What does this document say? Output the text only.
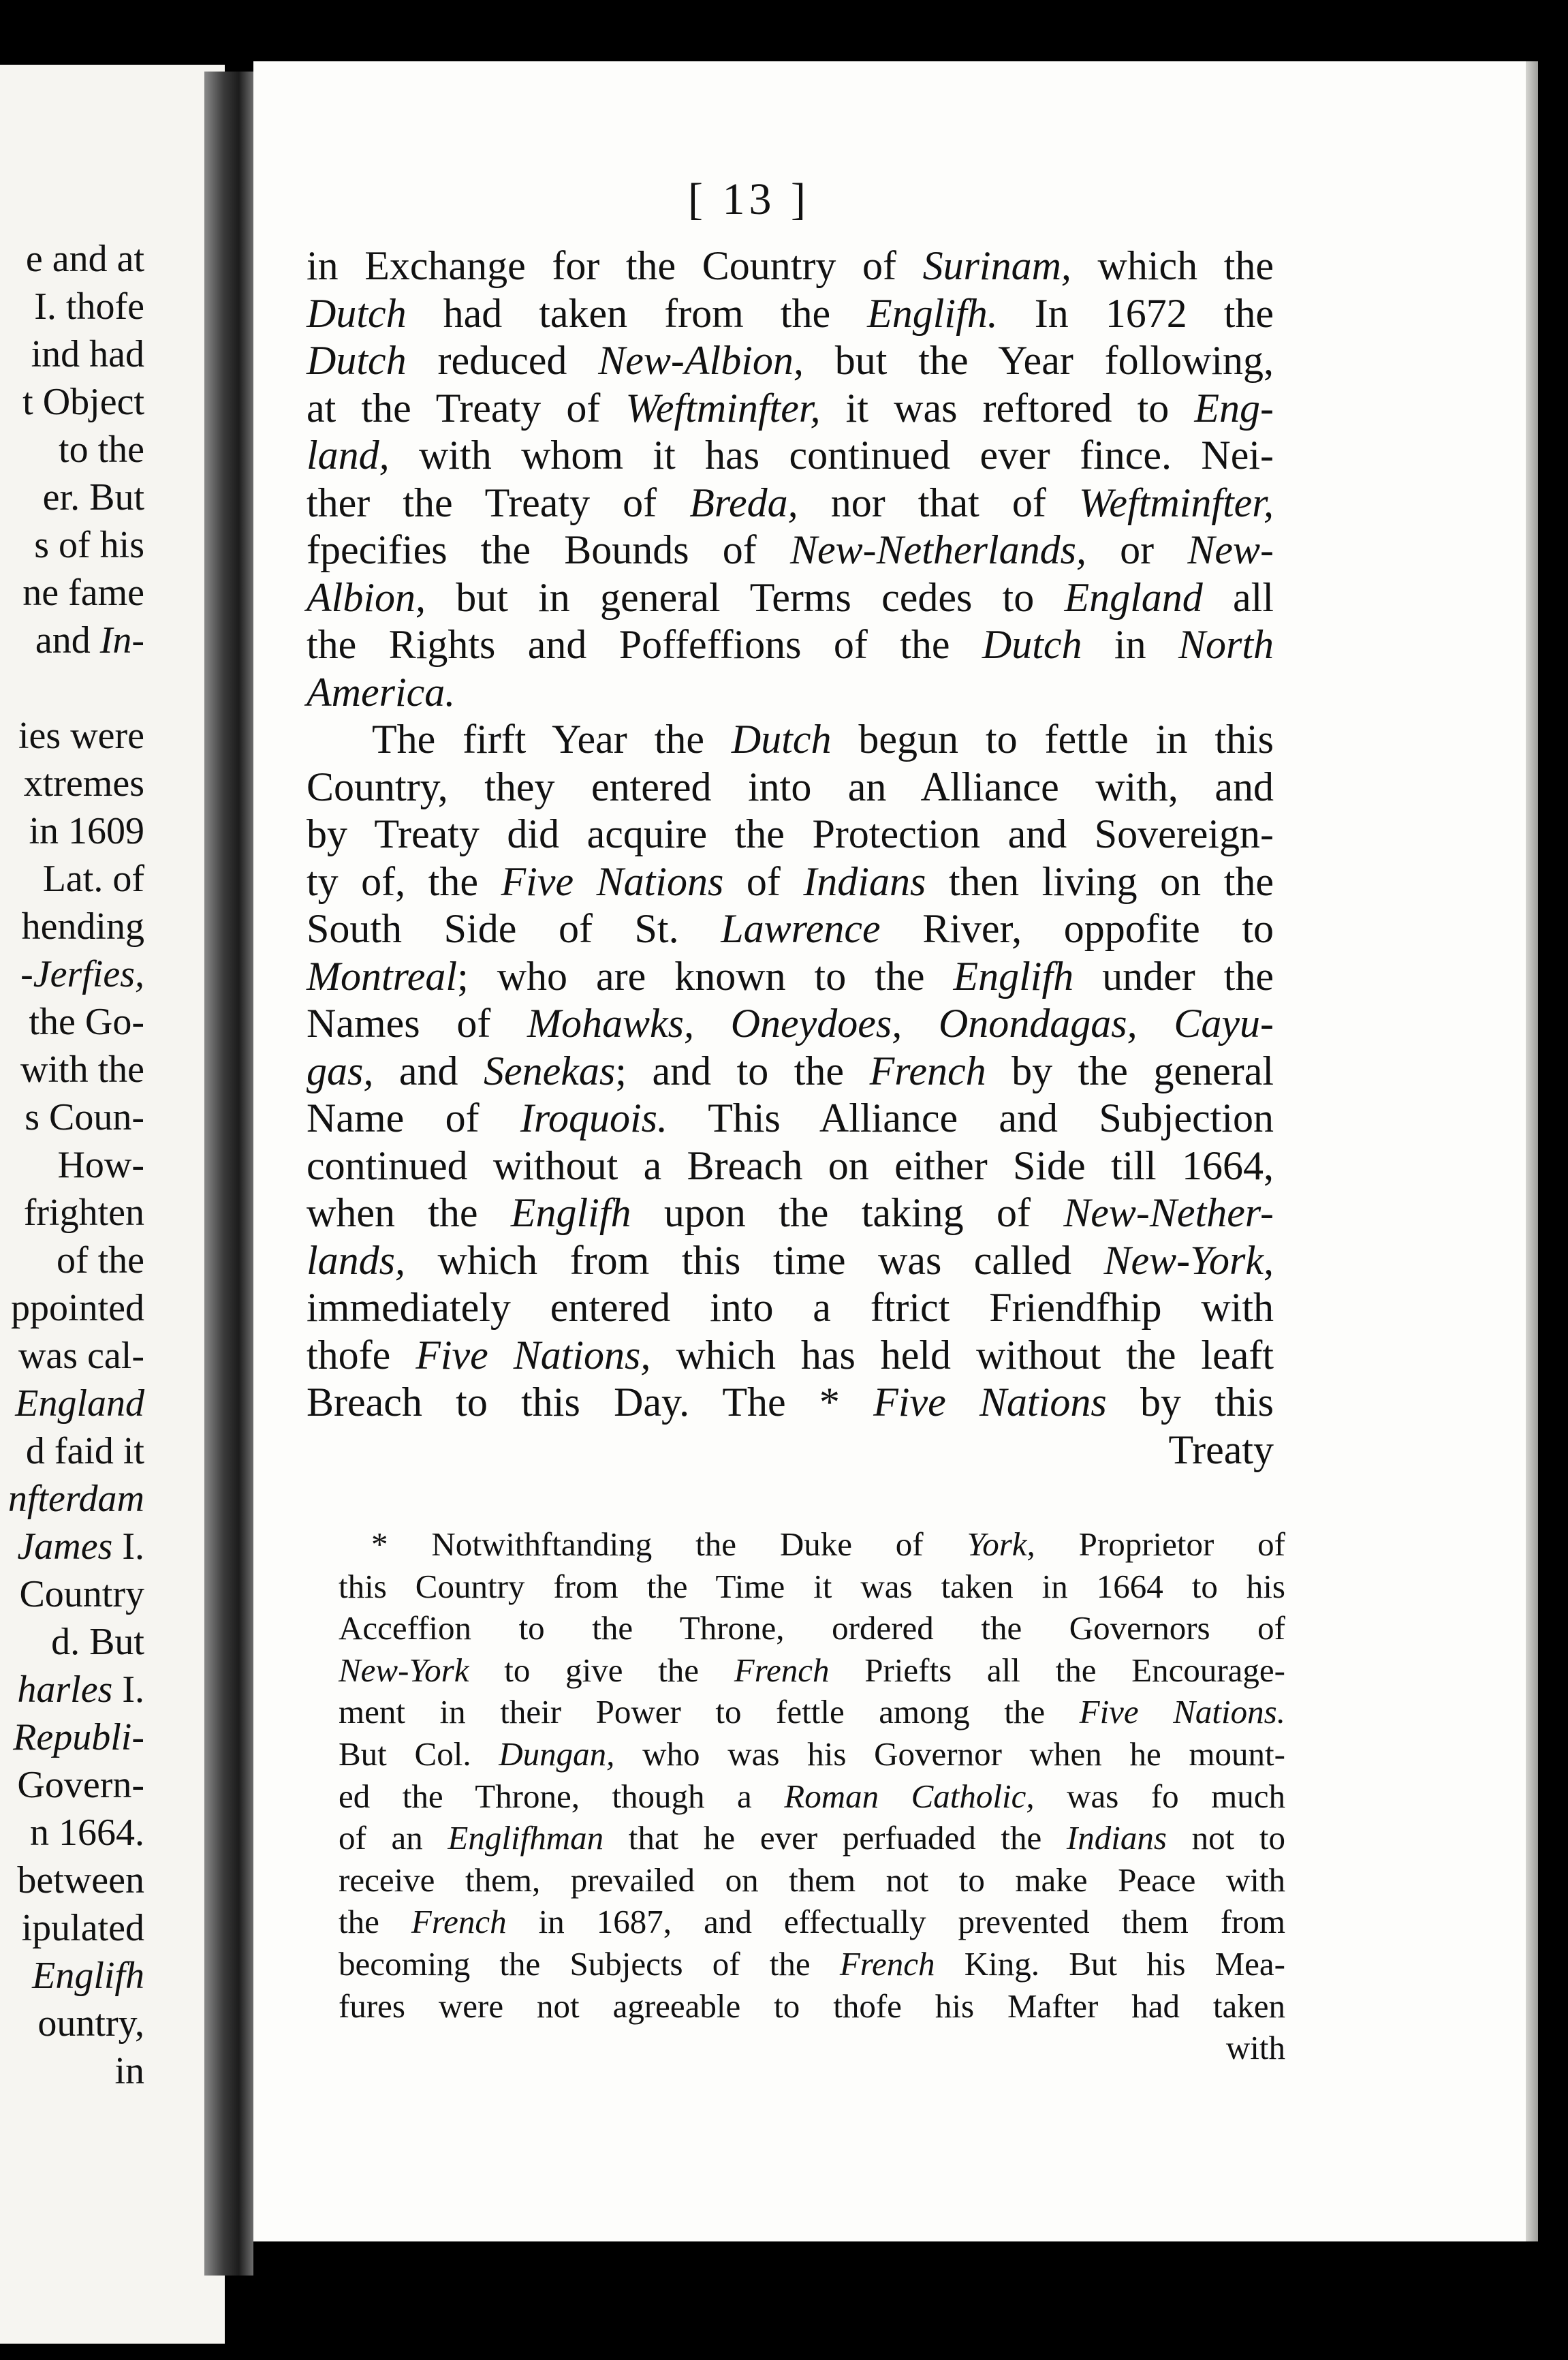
e and at
I. thofe
ind had
t Object
to the
er. But
s of his
ne fame
and In-
ies were
xtremes
in 1609
Lat. of
hending
-Jerfies,
the Go-
with the
s Coun-
How-
frighten
of the
ppointed
was cal-
England
d faid it
nfterdam
James I.
Country
d. But
harles I.
Republi-
Govern-
n 1664.
between
ipulated
Englifh
ountry,
in
[ 13 ]
in Exchange for the Country of Surinam, which the
Dutch had taken from the Englifh. In 1672 the
Dutch reduced New-Albion, but the Year following,
at the Treaty of Weftminfter, it was reftored to Eng-
land, with whom it has continued ever fince. Nei-
ther the Treaty of Breda, nor that of Weftminfter,
fpecifies the Bounds of New-Netherlands, or New-
Albion, but in general Terms cedes to England all
the Rights and Poffeffions of the Dutch in North
America.
The firft Year the Dutch begun to fettle in this
Country, they entered into an Alliance with, and
by Treaty did acquire the Protection and Sovereign-
ty of, the Five Nations of Indians then living on the
South Side of St. Lawrence River, oppofite to
Montreal; who are known to the Englifh under the
Names of Mohawks, Oneydoes, Onondagas, Cayu-
gas, and Senekas; and to the French by the general
Name of Iroquois. This Alliance and Subjection
continued without a Breach on either Side till 1664,
when the Englifh upon the taking of New-Nether-
lands, which from this time was called New-York,
immediately entered into a ftrict Friendfhip with
thofe Five Nations, which has held without the leaft
Breach to this Day. The * Five Nations by this
Treaty
* Notwithftanding the Duke of York, Proprietor of
this Country from the Time it was taken in 1664 to his
Acceffion to the Throne, ordered the Governors of
New-York to give the French Priefts all the Encourage-
ment in their Power to fettle among the Five Nations.
But Col. Dungan, who was his Governor when he mount-
ed the Throne, though a Roman Catholic, was fo much
of an Englifhman that he ever perfuaded the Indians not to
receive them, prevailed on them not to make Peace with
the French in 1687, and effectually prevented them from
becoming the Subjects of the French King. But his Mea-
fures were not agreeable to thofe his Mafter had taken
with
